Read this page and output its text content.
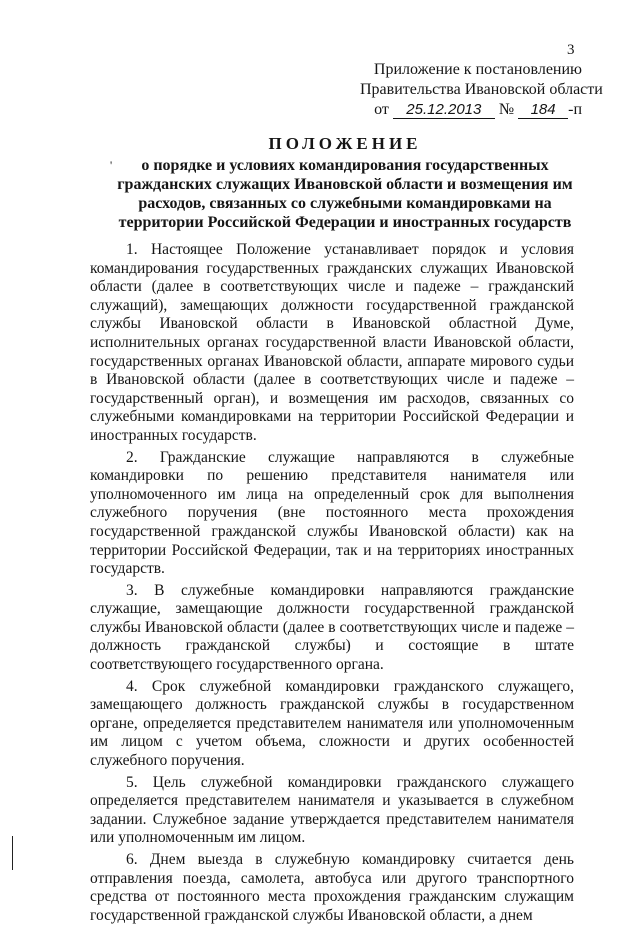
3
Приложение к постановлению
Правительства Ивановской области
от 25.12.2013 № 184 -п
'
ПОЛОЖЕНИЕ
о порядке и условиях командирования государственных гражданских служащих Ивановской области и возмещения им расходов, связанных со служебными командировками на территории Российской Федерации и иностранных государств

1. Настоящее Положение устанавливает порядок и условия командирования государственных гражданских служащих Ивановской области (далее в соответствующих числе и падеже – гражданский служащий), замещающих должности государственной гражданской службы Ивановской области в Ивановской областной Думе, исполнительных органах государственной власти Ивановской области, государственных органах Ивановской области, аппарате мирового судьи в Ивановской области (далее в соответствующих числе и падеже – государственный орган), и возмещения им расходов, связанных со служебными командировками на территории Российской Федерации и иностранных государств.

2. Гражданские служащие направляются в служебные командировки по решению представителя нанимателя или уполномоченного им лица на определенный срок для выполнения служебного поручения (вне постоянного места прохождения государственной гражданской службы Ивановской области) как на территории Российской Федерации, так и на территориях иностранных государств.

3. В служебные командировки направляются гражданские служащие, замещающие должности государственной гражданской службы Ивановской области (далее в соответствующих числе и падеже – должность гражданской службы) и состоящие в штате соответствующего государственного органа.

4. Срок служебной командировки гражданского служащего, замещающего должность гражданской службы в государственном органе, определяется представителем нанимателя или уполномоченным им лицом с учетом объема, сложности и других особенностей служебного поручения.

5. Цель служебной командировки гражданского служащего определяется представителем нанимателя и указывается в служебном задании. Служебное задание утверждается представителем нанимателя или уполномоченным им лицом.

6. Днем выезда в служебную командировку считается день отправления поезда, самолета, автобуса или другого транспортного средства от постоянного места прохождения гражданским служащим государственной гражданской службы Ивановской области, а днем
